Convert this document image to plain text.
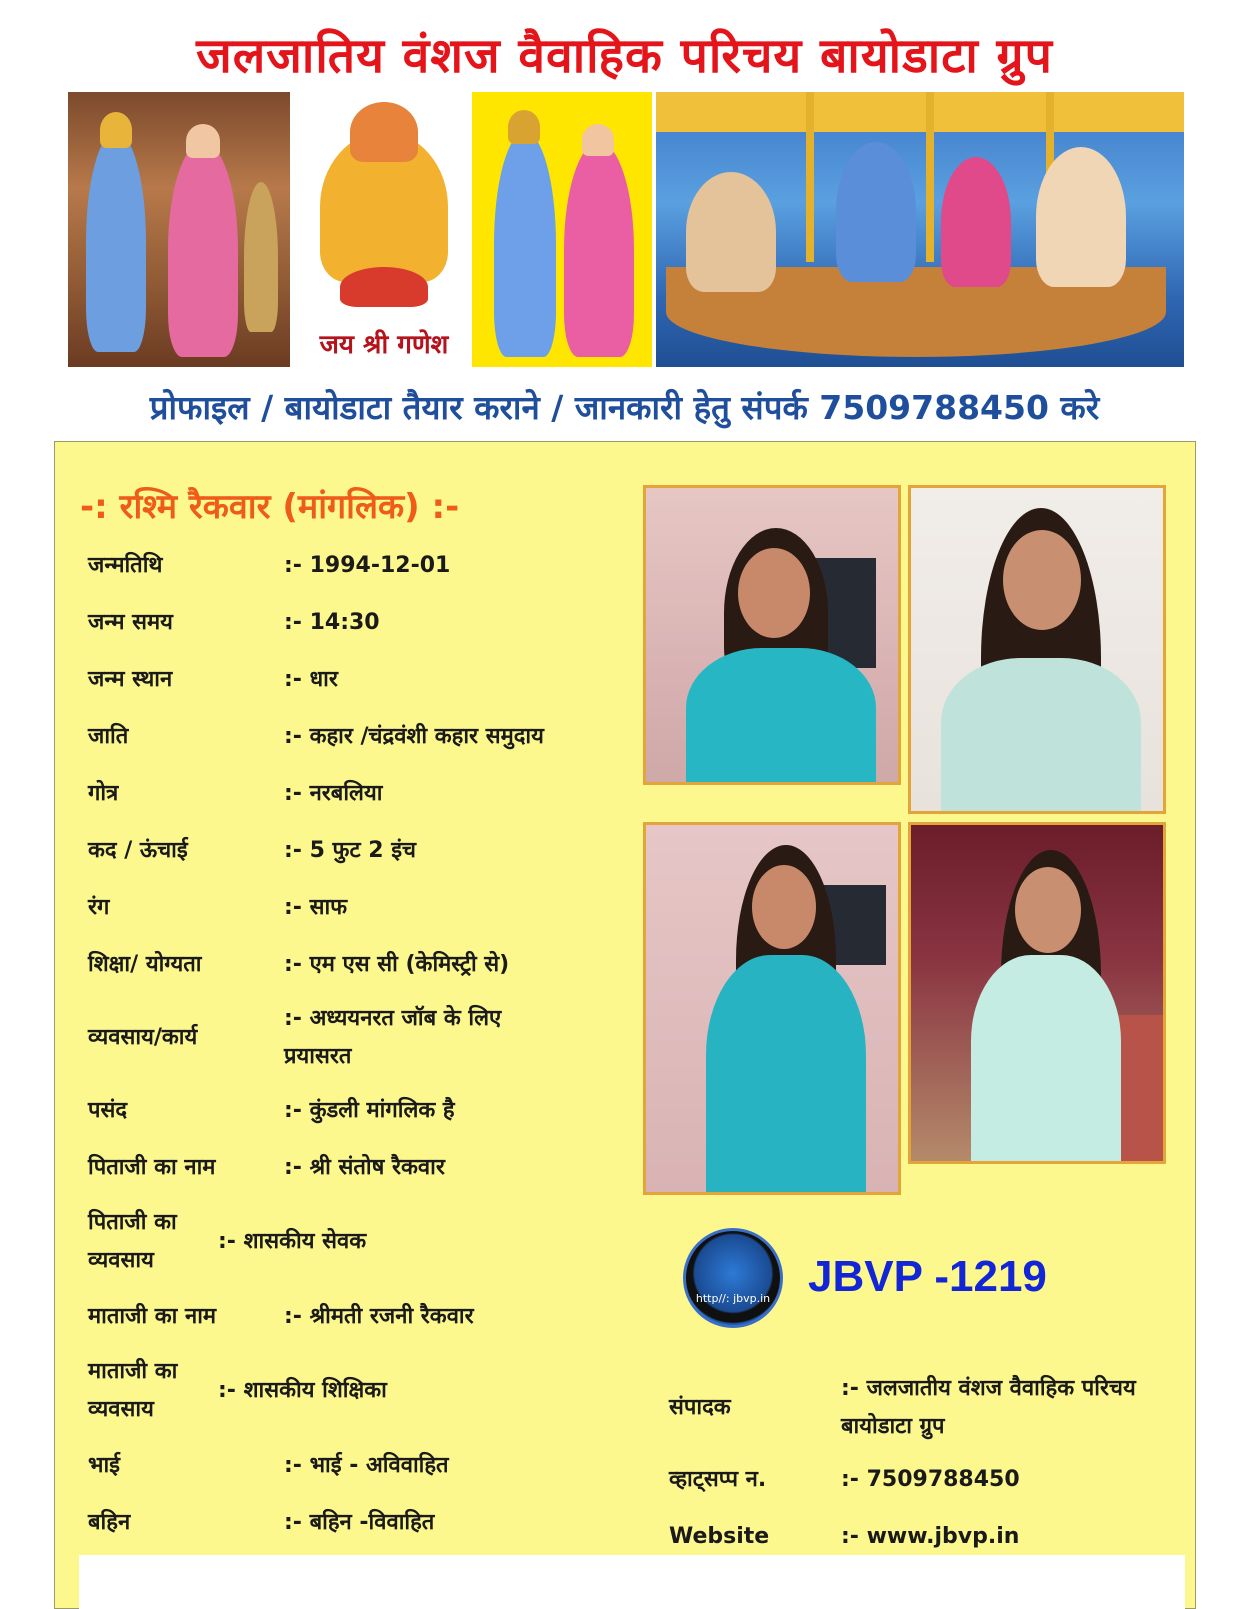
जलजातिय वंशज वैवाहिक परिचय बायोडाटा ग्रुप
जय श्री गणेश
प्रोफाइल / बायोडाटा तैयार कराने / जानकारी हेतु संपर्क 7509788450 करे
-: रश्मि रैकवार (मांगलिक) :-
जन्मतिथि	:- 1994-12-01
जन्म समय	:- 14:30
जन्म स्थान	:- धार
जाति	:- कहार /चंद्रवंशी कहार समुदाय
गोत्र	:- नरबलिया
कद / ऊंचाई	:- 5 फुट 2 इंच
रंग	:- साफ
शिक्षा/ योग्यता	:- एम एस सी (केमिस्ट्री से)
व्यवसाय/कार्य
:- अध्ययनरत जॉब के लिए प्रयासरत
पसंद	:- कुंडली मांगलिक है
पिताजी का नाम	:- श्री संतोष रैकवार
पिताजी का व्यवसाय
:- शासकीय सेवक
माताजी का नाम	:- श्रीमती रजनी रैकवार
माताजी का व्यवसाय
:- शासकीय शिक्षिका
भाई	:- भाई - अविवाहित
बहिन	:- बहिन -विवाहित
http//: jbvp.in JBVP -1219
संपादक
:- जलजातीय वंशज वैवाहिक परिचय बायोडाटा ग्रुप
व्हाट्सप्प न.	:- 7509788450
Website	:- www.jbvp.in
